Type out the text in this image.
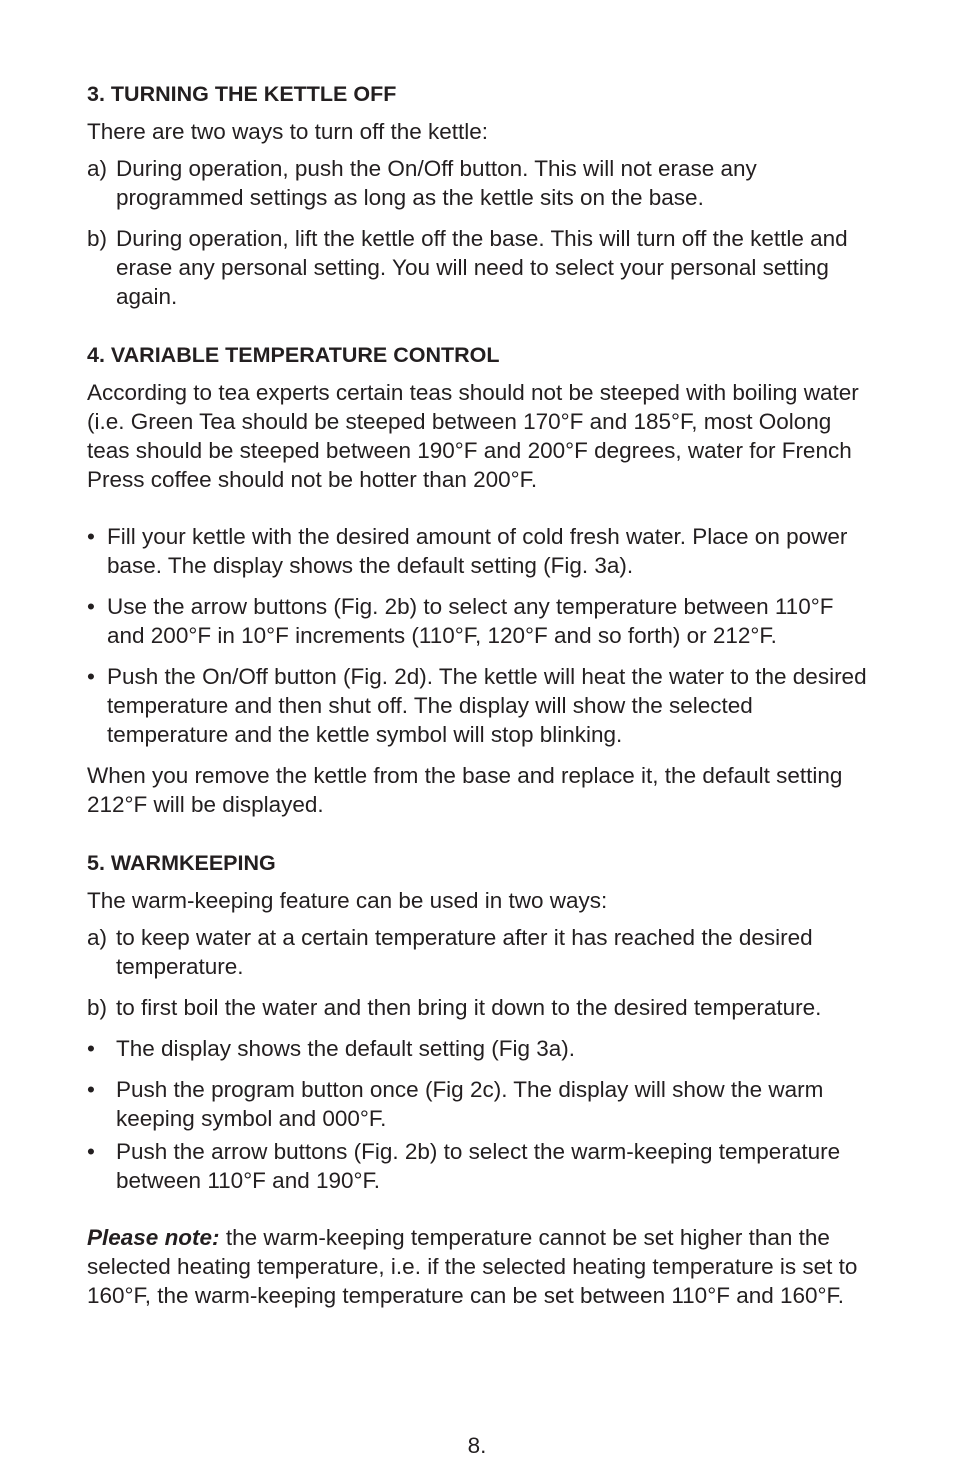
3. TURNING THE KETTLE OFF

There are two ways to turn off the kettle:

a) During operation, push the On/Off button. This will not erase any programmed settings as long as the kettle sits on the base.
b) During operation, lift the kettle off the base. This will turn off the kettle and erase any personal setting. You will need to select your personal setting again.
4. VARIABLE TEMPERATURE CONTROL

According to tea experts certain teas should not be steeped with boiling water (i.e. Green Tea should be steeped between 170°F and 185°F, most Oolong teas should be steeped between 190°F and 200°F degrees, water for French Press coffee should not be hotter than 200°F.

• Fill your kettle with the desired amount of cold fresh water. Place on power base. The display shows the default setting (Fig. 3a).
• Use the arrow buttons (Fig. 2b) to select any temperature between 110°F and 200°F in 10°F increments (110°F, 120°F and so forth) or 212°F.
• Push the On/Off button (Fig. 2d). The kettle will heat the water to the desired temperature and then shut off. The display will show the selected temperature and the kettle symbol will stop blinking.

When you remove the kettle from the base and replace it, the default setting 212°F will be displayed.

5. WARMKEEPING

The warm-keeping feature can be used in two ways:

a) to keep water at a certain temperature after it has reached the desired temperature.
b) to first boil the water and then bring it down to the desired temperature.
• The display shows the default setting (Fig 3a).
• Push the program button once (Fig 2c). The display will show the warm keeping symbol and 000°F.
• Push the arrow buttons (Fig. 2b) to select the warm-keeping temperature between 110°F and 190°F.

Please note: the warm-keeping temperature cannot be set higher than the selected heating temperature, i.e. if the selected heating temperature is set to 160°F, the warm-keeping temperature can be set between 110°F and 160°F.

8.
